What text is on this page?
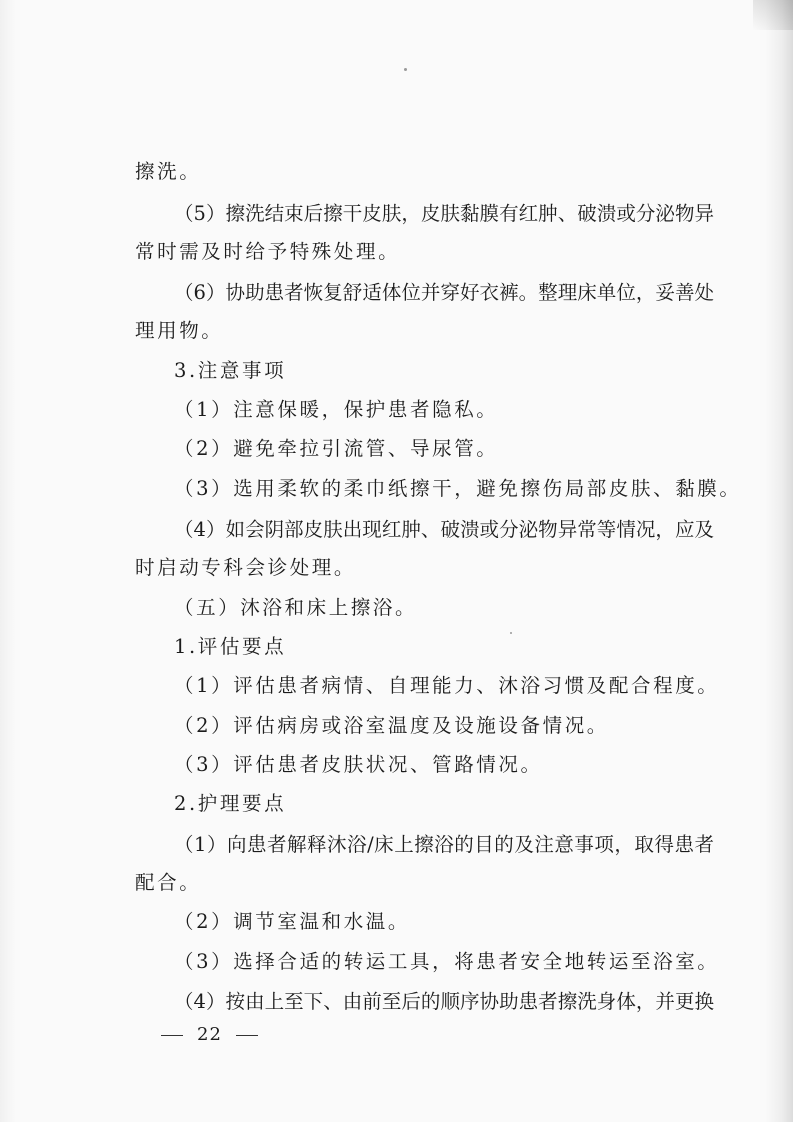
擦洗。
（5）擦洗结束后擦干皮肤，皮肤黏膜有红肿、破溃或分泌物异
常时需及时给予特殊处理。
（6）协助患者恢复舒适体位并穿好衣裤。整理床单位，妥善处
理用物。
3.注意事项
（1）注意保暖，保护患者隐私。
（2）避免牵拉引流管、导尿管。
（3）选用柔软的柔巾纸擦干，避免擦伤局部皮肤、黏膜。
（4）如会阴部皮肤出现红肿、破溃或分泌物异常等情况，应及
时启动专科会诊处理。
（五）沐浴和床上擦浴。
1.评估要点
（1）评估患者病情、自理能力、沐浴习惯及配合程度。
（2）评估病房或浴室温度及设施设备情况。
（3）评估患者皮肤状况、管路情况。
2.护理要点
（1）向患者解释沐浴/床上擦浴的目的及注意事项，取得患者
配合。
（2）调节室温和水温。
（3）选择合适的转运工具，将患者安全地转运至浴室。
（4）按由上至下、由前至后的顺序协助患者擦洗身体，并更换
22
